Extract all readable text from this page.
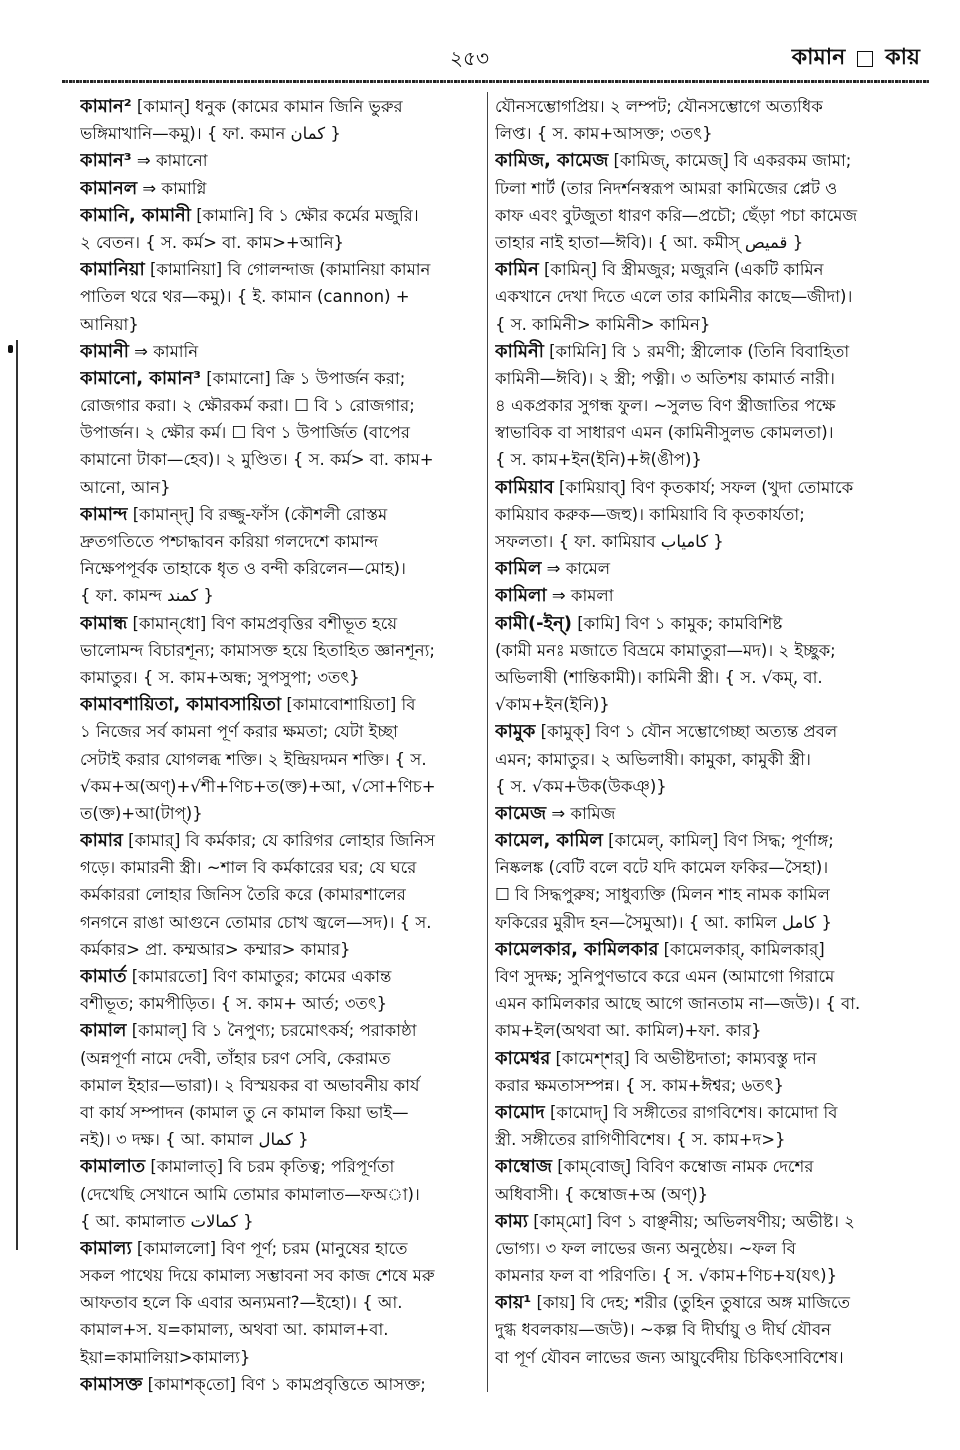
২৫৩	কামান কায়
কামান² [কামান্] ধনুক (কামের কামান জিনি ভুরুর
ভঙ্গিমাখানি—কমু)। { ফা. কমান کمان }
কামান³ ⇒ কামানো
কামানল ⇒ কামাগ্নি
কামানি, কামানী [কামানি] বি ১ ক্ষৌর কর্মের মজুরি।
২ বেতন। { স. কর্ম> বা. কাম>+আনি}
কামানিয়া [কামানিয়া] বি গোলন্দাজ (কামানিয়া কামান
পাতিল থরে থর—কমু)। { ই. কামান (cannon) +
আনিয়া}
কামানী ⇒ কামানি
কামানো, কামান³ [কামানো] ক্রি ১ উপার্জন করা;
রোজগার করা। ২ ক্ষৌরকর্ম করা। ☐ বি ১ রোজগার;
উপার্জন। ২ ক্ষৌর কর্ম। ☐ বিণ ১ উপার্জিত (বাপের
কামানো টাকা—হেব)। ২ মুণ্ডিত। { স. কর্ম> বা. কাম+
আনো, আন}
কামান্দ [কামান্দ্] বি রজ্জু-ফাঁস (কৌশলী রোস্তম
দ্রুতগতিতে পশ্চাদ্ধাবন করিয়া গলদেশে কামান্দ
নিক্ষেপপূর্বক তাহাকে ধৃত ও বন্দী করিলেন—মোহ)।
{ ফা. কামন্দ کمند }
কামান্ধ [কামান্‌ধো] বিণ কামপ্রবৃত্তির বশীভূত হয়ে
ভালোমন্দ বিচারশূন্য; কামাসক্ত হয়ে হিতাহিত জ্ঞানশূন্য;
কামাতুর। { স. কাম+অন্ধ; সুপসুপা; ৩তৎ}
কামাবশায়িতা, কামাবসায়িতা [কামাবোশায়িতা] বি
১ নিজের সর্ব কামনা পূর্ণ করার ক্ষমতা; যেটা ইচ্ছা
সেটাই করার যোগলব্ধ শক্তি। ২ ইন্দ্রিয়দমন শক্তি। { স.
√কম+অ(অণ্)+√শী+ণিচ+ত(ক্ত)+আ, √সো+ণিচ+
ত(ক্ত)+আ(টাপ্)}
কামার [কামার্] বি কর্মকার; যে কারিগর লোহার জিনিস
গড়ে। কামারনী স্ত্রী। ~শাল বি কর্মকারের ঘর; যে ঘরে
কর্মকাররা লোহার জিনিস তৈরি করে (কামারশালের
গনগনে রাঙা আগুনে তোমার চোখ জ্বলে—সদ)। { স.
কর্মকার> প্রা. কম্মআর> কম্মার> কামার}
কামার্ত [কামারতো] বিণ কামাতুর; কামের একান্ত
বশীভূত; কামপীড়িত। { স. কাম+ আর্ত; ৩তৎ}
কামাল [কামাল্] বি ১ নৈপুণ্য; চরমোৎকর্ষ; পরাকাষ্ঠা
(অন্নপূর্ণা নামে দেবী, তাঁহার চরণ সেবি, কেরামত
কামাল ইহার—ভারা)। ২ বিস্ময়কর বা অভাবনীয় কার্য
বা কার্য সম্পাদন (কামাল তু নে কামাল কিয়া ভাই—
নই)। ৩ দক্ষ। { আ. কামাল کمال }
কামালাত [কামালাত্] বি চরম কৃতিত্ব; পরিপূর্ণতা
(দেখেছি সেখানে আমি তোমার কামালাত—ফঅা)।
{ আ. কামালাত کمالات }
কামাল্য [কামাললো] বিণ পূর্ণ; চরম (মানুষের হাতে
সকল পাথেয় দিয়ে কামাল্য সম্ভাবনা সব কাজ শেষে মরু
আফতাব হলে কি এবার অন্যমনা?—ইহো)। { আ.
কামাল+স. য=কামাল্য, অথবা আ. কামাল+বা.
ইয়া=কামালিয়া>কামাল্য}
কামাসক্ত [কামাশক্‌তো] বিণ ১ কামপ্রবৃত্তিতে আসক্ত;
যৌনসম্ভোগপ্রিয়। ২ লম্পট; যৌনসম্ভোগে অত্যধিক
লিপ্ত। { স. কাম+আসক্ত; ৩তৎ}
কামিজ, কামেজ [কামিজ্, কামেজ্] বি একরকম জামা;
ঢিলা শার্ট (তার নিদর্শনস্বরূপ আমরা কামিজের প্লেট ও
কাফ এবং বুটজুতা ধারণ করি—প্রচৌ; ছেঁড়া পচা কামেজ
তাহার নাই হাতা—ঈবি)। { আ. কমীস্ قميص }
কামিন [কামিন্] বি স্ত্রীমজুর; মজুরনি (একটি কামিন
একখানে দেখা দিতে এলে তার কামিনীর কাছে—জীদা)।
{ স. কামিনী> কামিনী> কামিন}
কামিনী [কামিনি] বি ১ রমণী; স্ত্রীলোক (তিনি বিবাহিতা
কামিনী—ঈবি)। ২ স্ত্রী; পত্নী। ৩ অতিশয় কামার্ত নারী।
৪ একপ্রকার সুগন্ধ ফুল। ~সুলভ বিণ স্ত্রীজাতির পক্ষে
স্বাভাবিক বা সাধারণ এমন (কামিনীসুলভ কোমলতা)।
{ স. কাম+ইন(ইনি)+ঈ(ঙীপ)}
কামিয়াব [কামিয়াব্] বিণ কৃতকার্য; সফল (খুদা তোমাকে
কামিয়াব করুক—জহু)। কামিয়াবি বি কৃতকার্যতা;
সফলতা। { ফা. কামিয়াব کامیاب }
কামিল ⇒ কামেল
কামিলা ⇒ কামলা
কামী(-ইন্) [কামি] বিণ ১ কামুক; কামবিশিষ্ট
(কামী মনঃ মজাতে বিভ্রমে কামাতুরা—মদ)। ২ ইচ্ছুক;
অভিলাষী (শান্তিকামী)। কামিনী স্ত্রী। { স. √কম্, বা.
√কাম+ইন(ইনি)}
কামুক [কামুক্] বিণ ১ যৌন সম্ভোগেচ্ছা অত্যন্ত প্রবল
এমন; কামাতুর। ২ অভিলাষী। কামুকা, কামুকী স্ত্রী।
{ স. √কম+উক(উকঞ্)}
কামেজ ⇒ কামিজ
কামেল, কামিল [কামেল্, কামিল্] বিণ সিদ্ধ; পূর্ণাঙ্গ;
নিষ্কলঙ্ক (বেটি বলে বটে যদি কামেল ফকির—সৈহা)।
☐ বি সিদ্ধপুরুষ; সাধুব্যক্তি (মিলন শাহ নামক কামিল
ফকিরের মুরীদ হন—সৈমুআ)। { আ. কামিল کامل }
কামেলকার, কামিলকার [কামেলকার্, কামিলকার্]
বিণ সুদক্ষ; সুনিপুণভাবে করে এমন (আমাগো গিরামে
এমন কামিলকার আছে আগে জানতাম না—জউ)। { বা.
কাম+ইল(অথবা আ. কামিল)+ফা. কার}
কামেশ্বর [কামেশ্‌শর্] বি অভীষ্টদাতা; কাম্যবস্তু দান
করার ক্ষমতাসম্পন্ন। { স. কাম+ঈশ্বর; ৬তৎ}
কামোদ [কামোদ্] বি সঙ্গীতের রাগবিশেষ। কামোদা বি
স্ত্রী. সঙ্গীতের রাগিণীবিশেষ। { স. কাম+দ>}
কাম্বোজ [কাম্‌বোজ্] বিবিণ কম্বোজ নামক দেশের
অধিবাসী। { কম্বোজ+অ (অণ্)}
কাম্য [কাম্‌মো] বিণ ১ বাঞ্ছনীয়; অভিলষণীয়; অভীষ্ট। ২
ভোগ্য। ৩ ফল লাভের জন্য অনুষ্ঠেয়। ~ফল বি
কামনার ফল বা পরিণতি। { স. √কাম+ণিচ+য(যৎ)}
কায়¹ [কায়] বি দেহ; শরীর (তুহিন তুষারে অঙ্গ মাজিতে
দুগ্ধ ধবলকায়—জউ)। ~কল্প বি দীর্ঘায়ু ও দীর্ঘ যৌবন
বা পূর্ণ যৌবন লাভের জন্য আয়ুর্বেদীয় চিকিৎসাবিশেষ।
